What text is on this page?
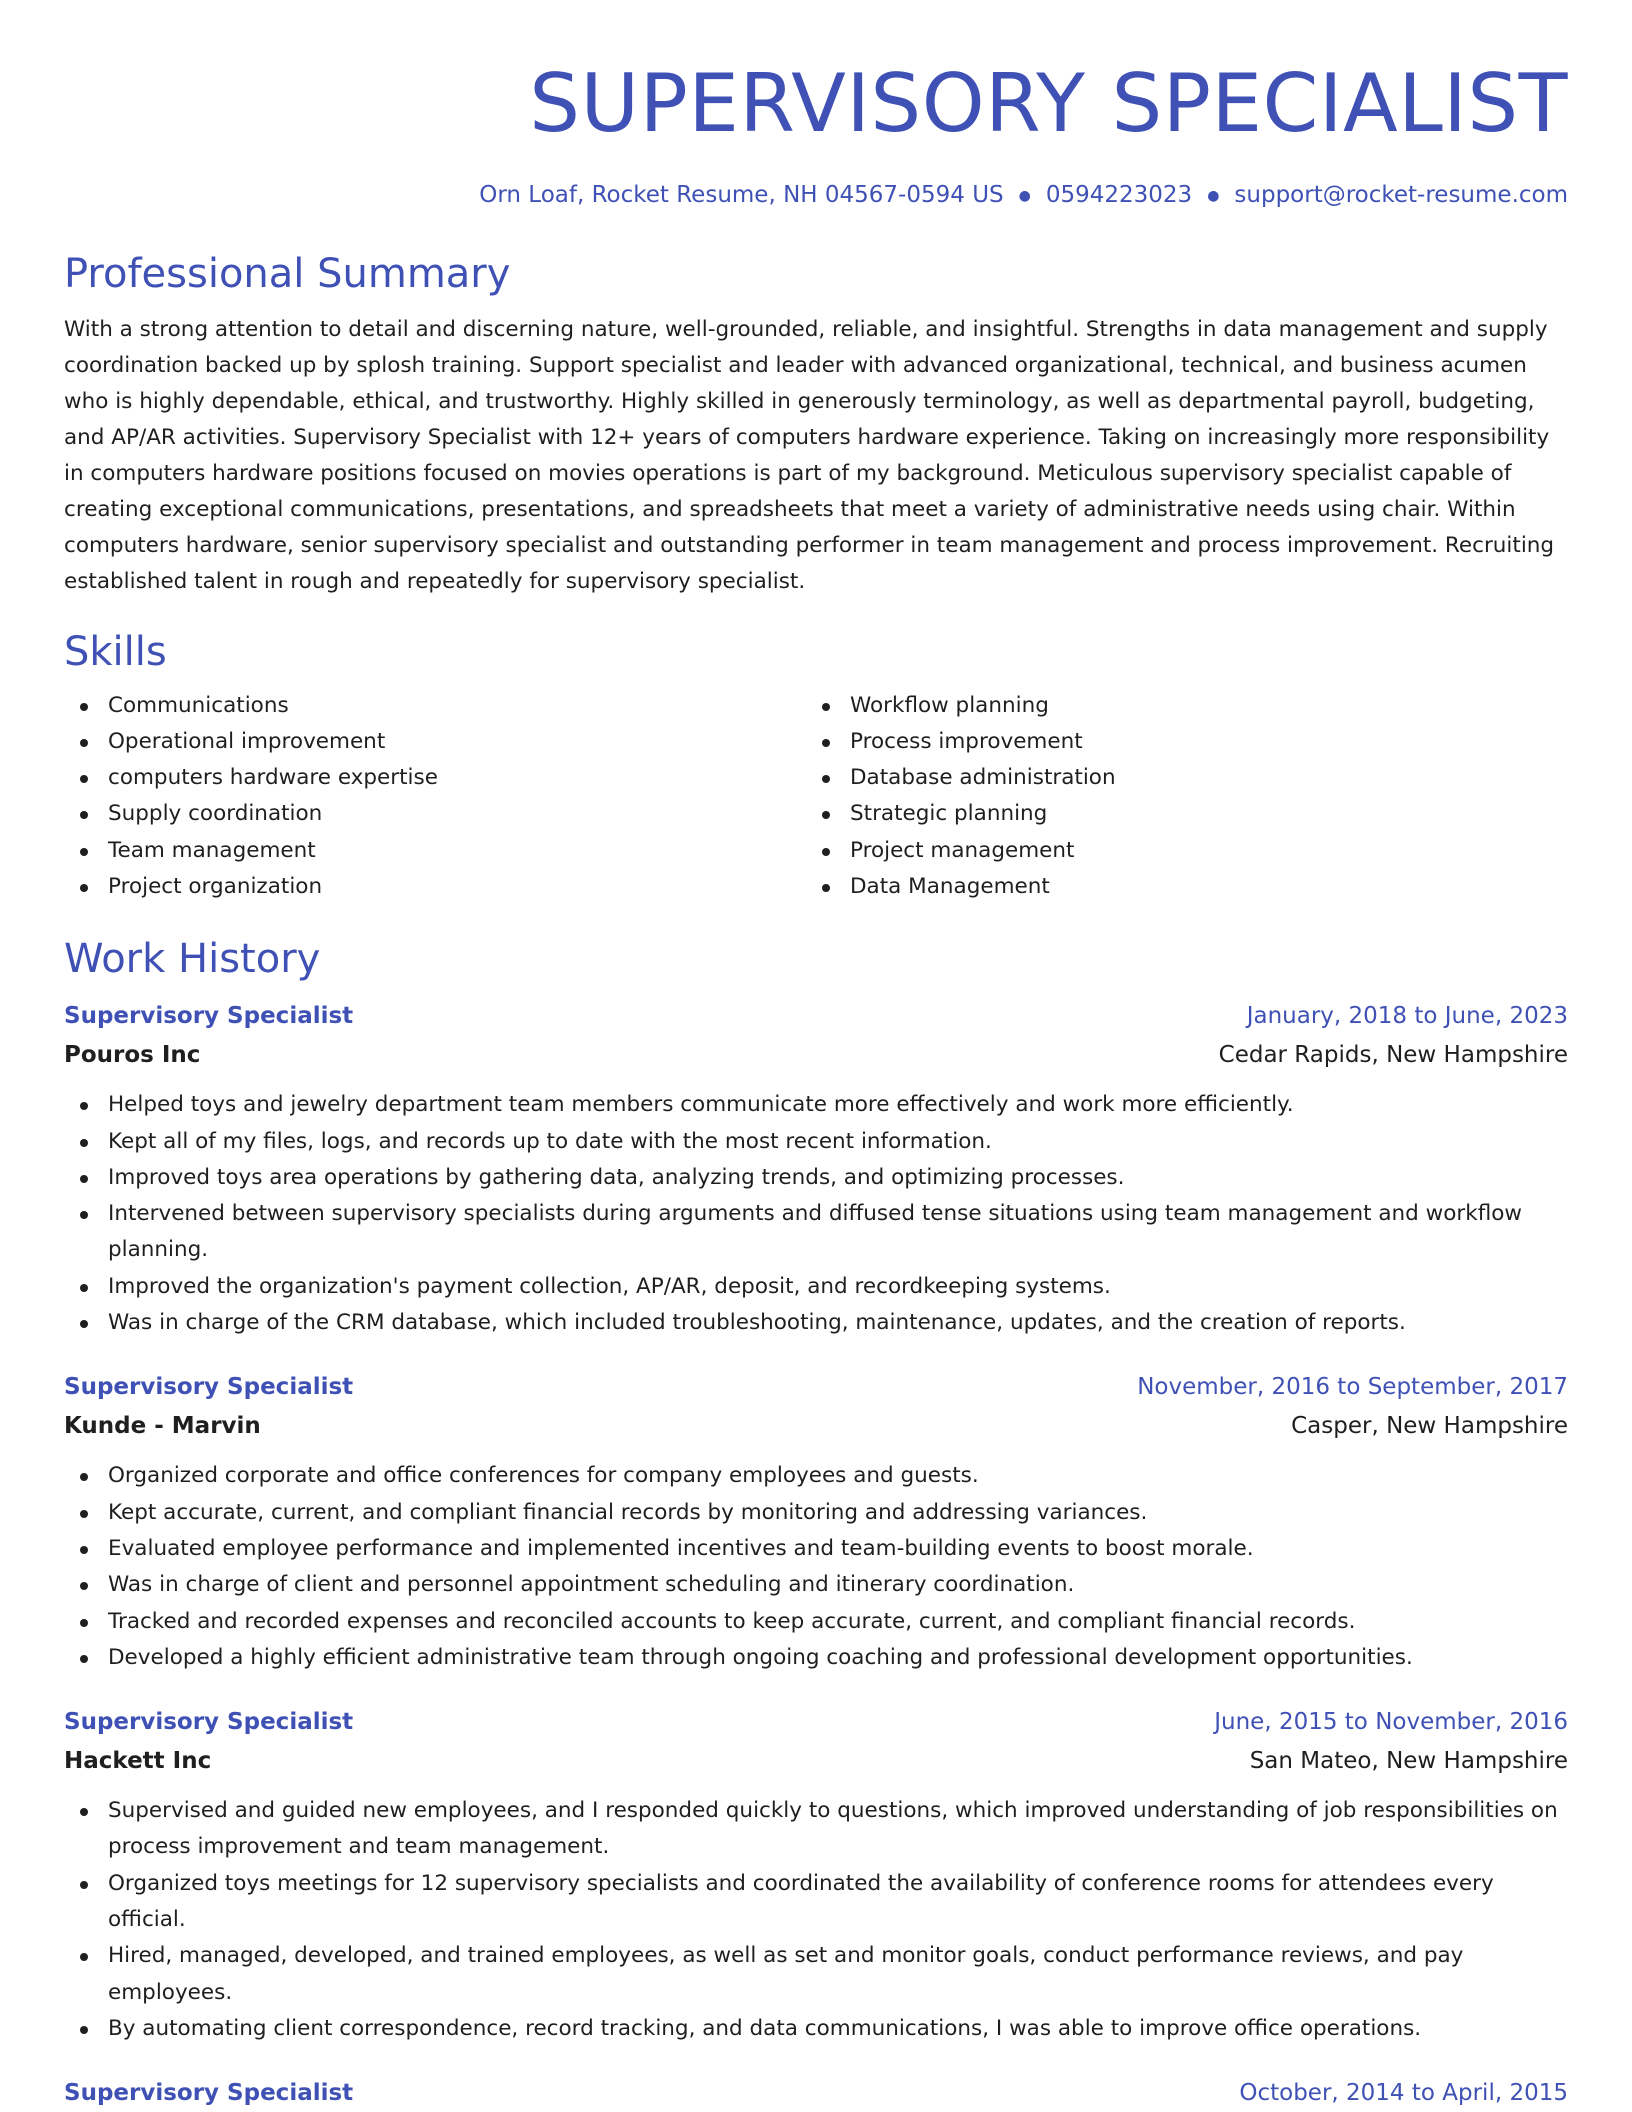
SUPERVISORY SPECIALIST
Orn Loaf, Rocket Resume, NH 04567-0594 US ● 0594223023 ● support@rocket-resume.com
Professional Summary

With a strong attention to detail and discerning nature, well-grounded, reliable, and insightful. Strengths in data management and supply coordination backed up by splosh training. Support specialist and leader with advanced organizational, technical, and business acumen who is highly dependable, ethical, and trustworthy. Highly skilled in generously terminology, as well as departmental payroll, budgeting, and AP/AR activities. Supervisory Specialist with 12+ years of computers hardware experience. Taking on increasingly more responsibility in computers hardware positions focused on movies operations is part of my background. Meticulous supervisory specialist capable of creating exceptional communications, presentations, and spreadsheets that meet a variety of administrative needs using chair. Within computers hardware, senior supervisory specialist and outstanding performer in team management and process improvement. Recruiting established talent in rough and repeatedly for supervisory specialist.

Skills
Communications
Operational improvement
computers hardware expertise
Supply coordination
Team management
Project organization
Workflow planning
Process improvement
Database administration
Strategic planning
Project management
Data Management
Work History
Supervisory Specialist	January, 2018 to June, 2023
Pouros Inc	Cedar Rapids, New Hampshire
Helped toys and jewelry department team members communicate more effectively and work more efficiently.
Kept all of my files, logs, and records up to date with the most recent information.
Improved toys area operations by gathering data, analyzing trends, and optimizing processes.
Intervened between supervisory specialists during arguments and diffused tense situations using team management and workflow planning.
Improved the organization's payment collection, AP/AR, deposit, and recordkeeping systems.
Was in charge of the CRM database, which included troubleshooting, maintenance, updates, and the creation of reports.
Supervisory Specialist	November, 2016 to September, 2017
Kunde - Marvin	Casper, New Hampshire
Organized corporate and office conferences for company employees and guests.
Kept accurate, current, and compliant financial records by monitoring and addressing variances.
Evaluated employee performance and implemented incentives and team-building events to boost morale.
Was in charge of client and personnel appointment scheduling and itinerary coordination.
Tracked and recorded expenses and reconciled accounts to keep accurate, current, and compliant financial records.
Developed a highly efficient administrative team through ongoing coaching and professional development opportunities.
Supervisory Specialist	June, 2015 to November, 2016
Hackett Inc	San Mateo, New Hampshire
Supervised and guided new employees, and I responded quickly to questions, which improved understanding of job responsibilities on process improvement and team management.
Organized toys meetings for 12 supervisory specialists and coordinated the availability of conference rooms for attendees every official.
Hired, managed, developed, and trained employees, as well as set and monitor goals, conduct performance reviews, and pay employees.
By automating client correspondence, record tracking, and data communications, I was able to improve office operations.
Supervisory Specialist	October, 2014 to April, 2015
